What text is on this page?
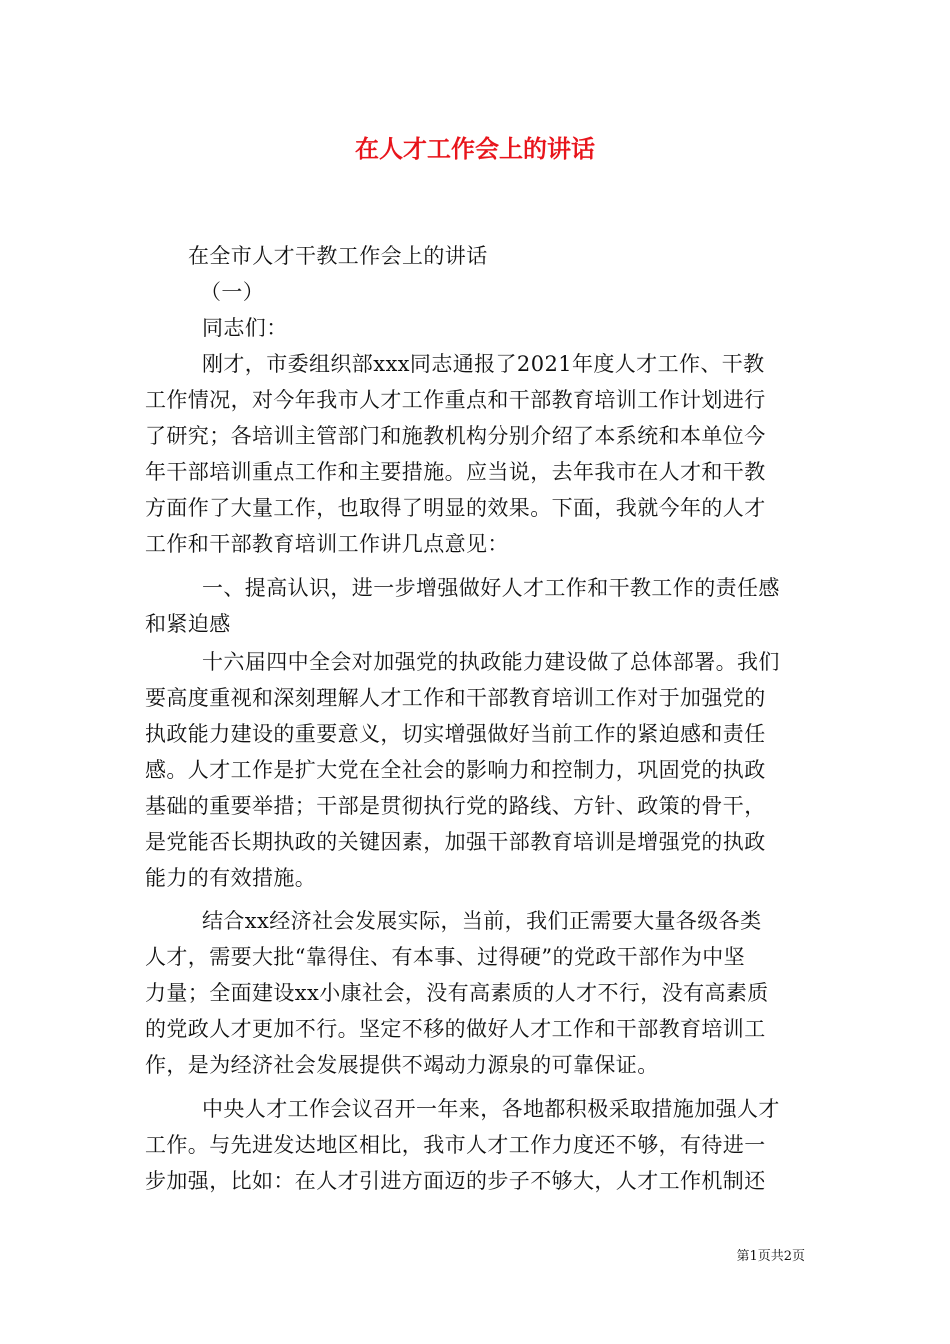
在人才工作会上的讲话
在全市人才干教工作会上的讲话
（一）
同志们：
刚才，市委组织部xxx同志通报了2021年度人才工作、干教
工作情况，对今年我市人才工作重点和干部教育培训工作计划进行
了研究；各培训主管部门和施教机构分别介绍了本系统和本单位今
年干部培训重点工作和主要措施。应当说，去年我市在人才和干教
方面作了大量工作，也取得了明显的效果。下面，我就今年的人才
工作和干部教育培训工作讲几点意见：
一、提高认识，进一步增强做好人才工作和干教工作的责任感
和紧迫感
十六届四中全会对加强党的执政能力建设做了总体部署。我们
要高度重视和深刻理解人才工作和干部教育培训工作对于加强党的
执政能力建设的重要意义，切实增强做好当前工作的紧迫感和责任
感。人才工作是扩大党在全社会的影响力和控制力，巩固党的执政
基础的重要举措；干部是贯彻执行党的路线、方针、政策的骨干，
是党能否长期执政的关键因素，加强干部教育培训是增强党的执政
能力的有效措施。
结合xx经济社会发展实际，当前，我们正需要大量各级各类
人才，需要大批“靠得住、有本事、过得硬”的党政干部作为中坚
力量；全面建设xx小康社会，没有高素质的人才不行，没有高素质
的党政人才更加不行。坚定不移的做好人才工作和干部教育培训工
作，是为经济社会发展提供不竭动力源泉的可靠保证。
中央人才工作会议召开一年来，各地都积极采取措施加强人才
工作。与先进发达地区相比，我市人才工作力度还不够，有待进一
步加强，比如：在人才引进方面迈的步子不够大，人才工作机制还
第1页共2页
